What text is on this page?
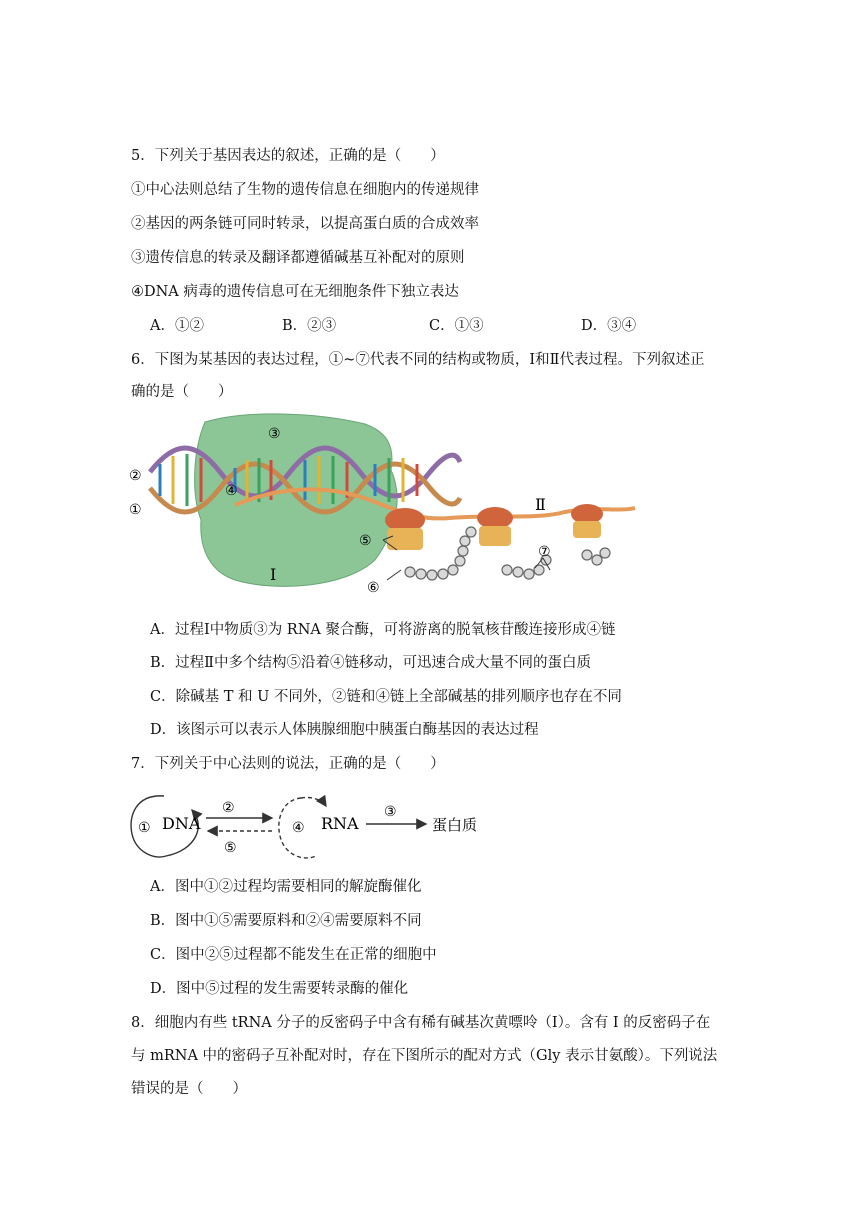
5．下列关于基因表达的叙述，正确的是（　　）
①中心法则总结了生物的遗传信息在细胞内的传递规律
②基因的两条链可同时转录，以提高蛋白质的合成效率
③遗传信息的转录及翻译都遵循碱基互补配对的原则
④DNA 病毒的遗传信息可在无细胞条件下独立表达
A．①②	B．②③	C．①③	D．③④
6．下图为某基因的表达过程，①~⑦代表不同的结构或物质，Ⅰ和Ⅱ代表过程。下列叙述正
确的是（　　）
③
②
①
④
⑤
⑥
⑦
Ⅰ
Ⅱ
A．过程Ⅰ中物质③为 RNA 聚合酶，可将游离的脱氧核苷酸连接形成④链
B．过程Ⅱ中多个结构⑤沿着④链移动，可迅速合成大量不同的蛋白质
C．除碱基 T 和 U 不同外，②链和④链上全部碱基的排列顺序也存在不同
D．该图示可以表示人体胰腺细胞中胰蛋白酶基因的表达过程
7．下列关于中心法则的说法，正确的是（　　）
DNA	RNA	蛋白质
①
②	③
④
⑤
A．图中①②过程均需要相同的解旋酶催化
B．图中①⑤需要原料和②④需要原料不同
C．图中②⑤过程都不能发生在正常的细胞中
D．图中⑤过程的发生需要转录酶的催化
8．细胞内有些 tRNA 分子的反密码子中含有稀有碱基次黄嘌呤（I）。含有 I 的反密码子在
与 mRNA 中的密码子互补配对时，存在下图所示的配对方式（Gly 表示甘氨酸）。下列说法
错误的是（　　）
